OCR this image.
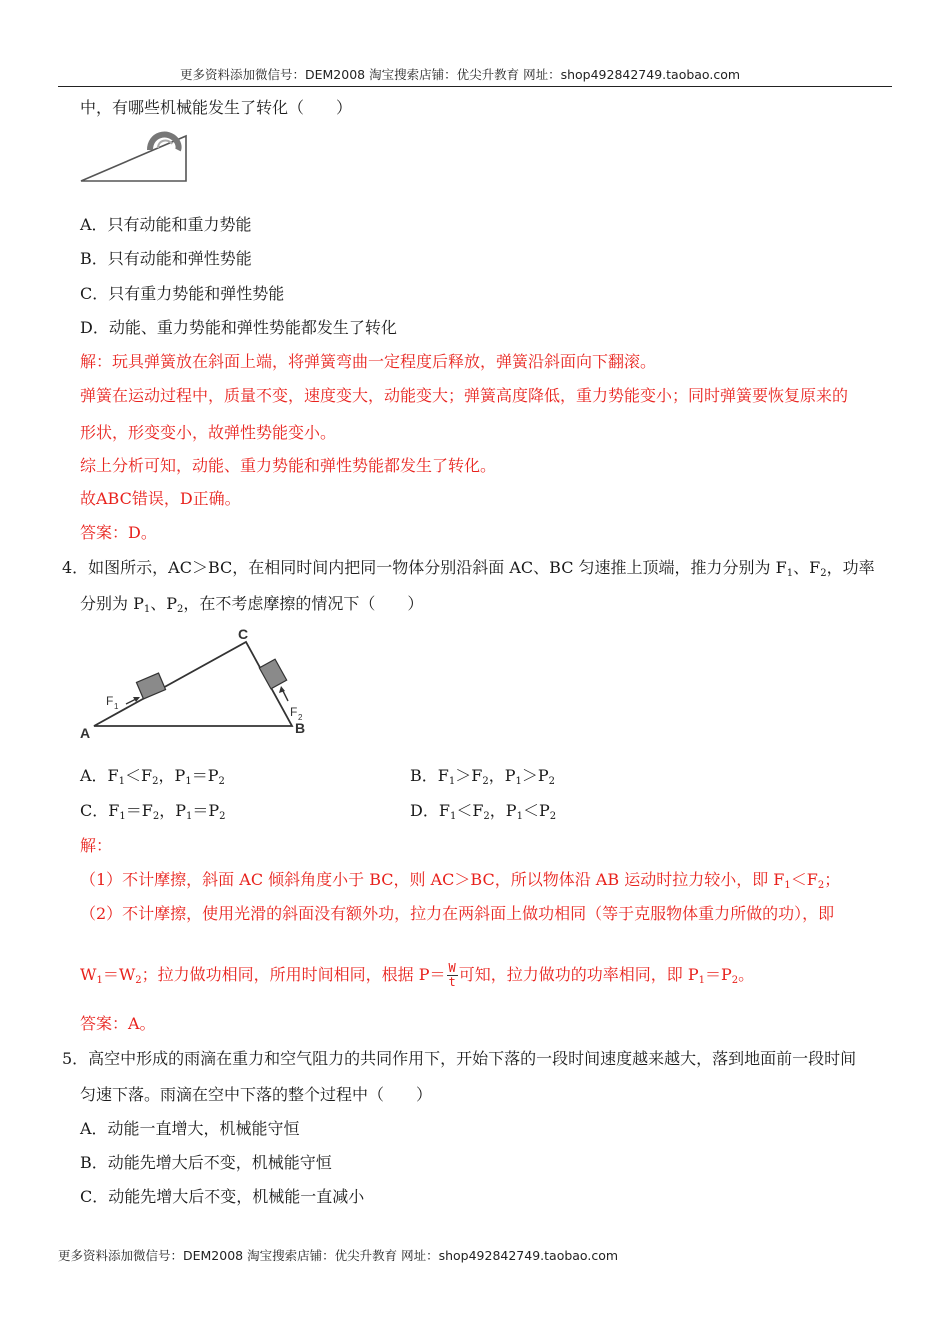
更多资料添加微信号：DEM2008 淘宝搜索店铺：优尖升教育 网址：shop492842749.taobao.com
中，有哪些机械能发生了转化（　　）
A．只有动能和重力势能
B．只有动能和弹性势能
C．只有重力势能和弹性势能
D．动能、重力势能和弹性势能都发生了转化
解：玩具弹簧放在斜面上端，将弹簧弯曲一定程度后释放，弹簧沿斜面向下翻滚。
弹簧在运动过程中，质量不变，速度变大，动能变大；弹簧高度降低，重力势能变小；同时弹簧要恢复原来的
形状，形变变小，故弹性势能变小。
综上分析可知，动能、重力势能和弹性势能都发生了转化。
故ABC错误，D正确。
答案：D。
4．如图所示，AC＞BC，在相同时间内把同一物体分别沿斜面 AC、BC 匀速推上顶端，推力分别为 $F_1$、$F_2$，功率
分别为 $P_1$、$P_2$，在不考虑摩擦的情况下（　　）
A	B
C
F 1	F 2
A．$F_1<F_2$，$P_1=P_2$	B．$F_1>F_2$，$P_1>P_2$
C．$F_1=F_2$，$P_1=P_2$	D．$F_1<F_2$，$P_1<P_2$
解：
（1）不计摩擦，斜面 AC 倾斜角度小于 BC，则 AC＞BC，所以物体沿 AB 运动时拉力较小，即 $F_1<F_2$；
（2）不计摩擦，使用光滑的斜面没有额外功，拉力在两斜面上做功相同（等于克服物体重力所做的功），即
$W_1=W_2$；拉力做功相同，所用时间相同，根据 $P= \frac{W}{t}$ 可知，拉力做功的功率相同，即 $P_1=P_2$。
答案：A。
5．高空中形成的雨滴在重力和空气阻力的共同作用下，开始下落的一段时间速度越来越大，落到地面前一段时间
匀速下落。雨滴在空中下落的整个过程中（　　）
A．动能一直增大，机械能守恒
B．动能先增大后不变，机械能守恒
C．动能先增大后不变，机械能一直减小
更多资料添加微信号：DEM2008 淘宝搜索店铺：优尖升教育 网址：shop492842749.taobao.com
